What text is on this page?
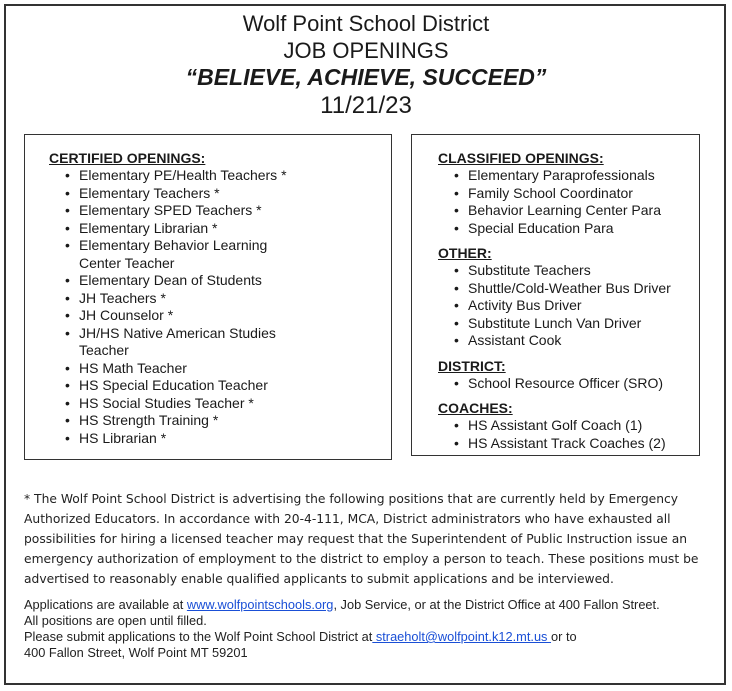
Wolf Point School District
JOB OPENINGS
“BELIEVE, ACHIEVE, SUCCEED”
11/21/23
CERTIFIED OPENINGS:
• Elementary PE/Health Teachers *
• Elementary Teachers *
• Elementary SPED Teachers *
• Elementary Librarian *
• Elementary Behavior Learning Center Teacher
• Elementary Dean of Students
• JH Teachers *
• JH Counselor *
• JH/HS Native American Studies Teacher
• HS Math Teacher
• HS Special Education Teacher
• HS Social Studies Teacher *
• HS Strength Training *
• HS Librarian *
CLASSIFIED OPENINGS:
• Elementary Paraprofessionals
• Family School Coordinator
• Behavior Learning Center Para
• Special Education Para
OTHER:
• Substitute Teachers
• Shuttle/Cold-Weather Bus Driver
• Activity Bus Driver
• Substitute Lunch Van Driver
• Assistant Cook
DISTRICT:
• School Resource Officer (SRO)
COACHES:
• HS Assistant Golf Coach (1)
• HS Assistant Track Coaches (2)
* The Wolf Point School District is advertising the following positions that are currently held by Emergency Authorized Educators. In accordance with 20-4-111, MCA, District administrators who have exhausted all possibilities for hiring a licensed teacher may request that the Superintendent of Public Instruction issue an emergency authorization of employment to the district to employ a person to teach. These positions must be advertised to reasonably enable qualified applicants to submit applications and be interviewed.
Applications are available at www.wolfpointschools.org, Job Service, or at the District Office at 400 Fallon Street.
All positions are open until filled.
Please submit applications to the Wolf Point School District at straeholt@wolfpoint.k12.mt.us or to
400 Fallon Street, Wolf Point MT 59201
